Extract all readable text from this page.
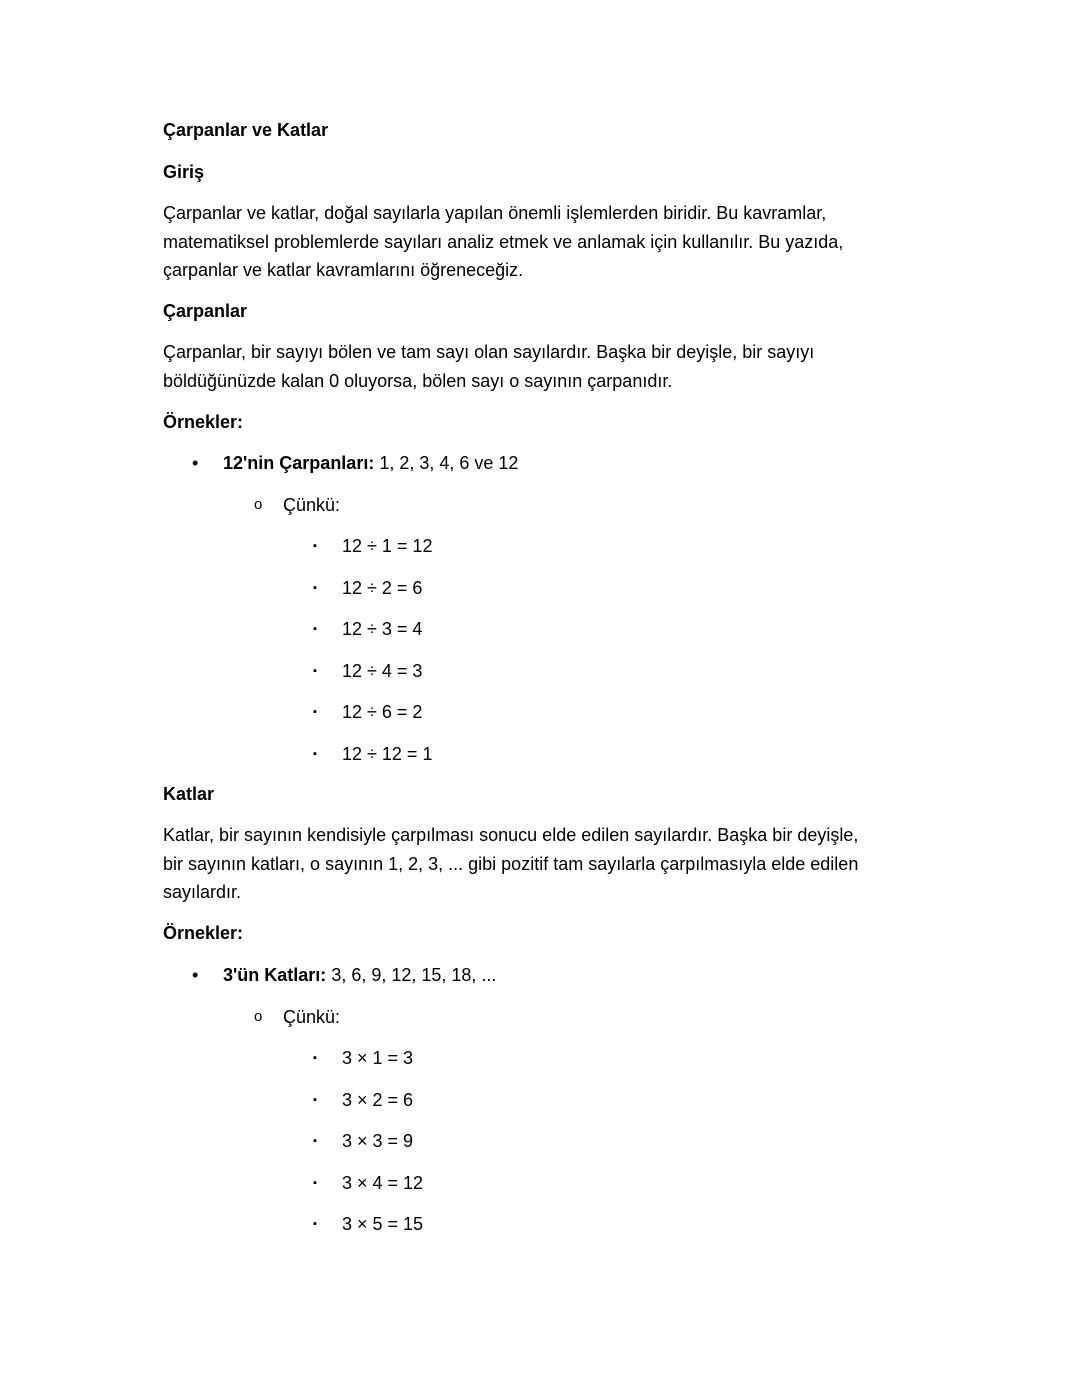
Çarpanlar ve Katlar
Giriş

Çarpanlar ve katlar, doğal sayılarla yapılan önemli işlemlerden biridir. Bu kavramlar,

matematiksel problemlerde sayıları analiz etmek ve anlamak için kullanılır. Bu yazıda,

çarpanlar ve katlar kavramlarını öğreneceğiz.

Çarpanlar

Çarpanlar, bir sayıyı bölen ve tam sayı olan sayılardır. Başka bir deyişle, bir sayıyı

böldüğünüzde kalan 0 oluyorsa, bölen sayı o sayının çarpanıdır.

Örnekler:
• 12'nin Çarpanları: 1, 2, 3, 4, 6 ve 12
o Çünkü:
▪ 12 ÷ 1 = 12
▪ 12 ÷ 2 = 6
▪ 12 ÷ 3 = 4
▪ 12 ÷ 4 = 3
▪ 12 ÷ 6 = 2
▪ 12 ÷ 12 = 1
Katlar

Katlar, bir sayının kendisiyle çarpılması sonucu elde edilen sayılardır. Başka bir deyişle,

bir sayının katları, o sayının 1, 2, 3, ... gibi pozitif tam sayılarla çarpılmasıyla elde edilen

sayılardır.

Örnekler:
• 3'ün Katları: 3, 6, 9, 12, 15, 18, ...
o Çünkü:
▪ 3 × 1 = 3
▪ 3 × 2 = 6
▪ 3 × 3 = 9
▪ 3 × 4 = 12
▪ 3 × 5 = 15
